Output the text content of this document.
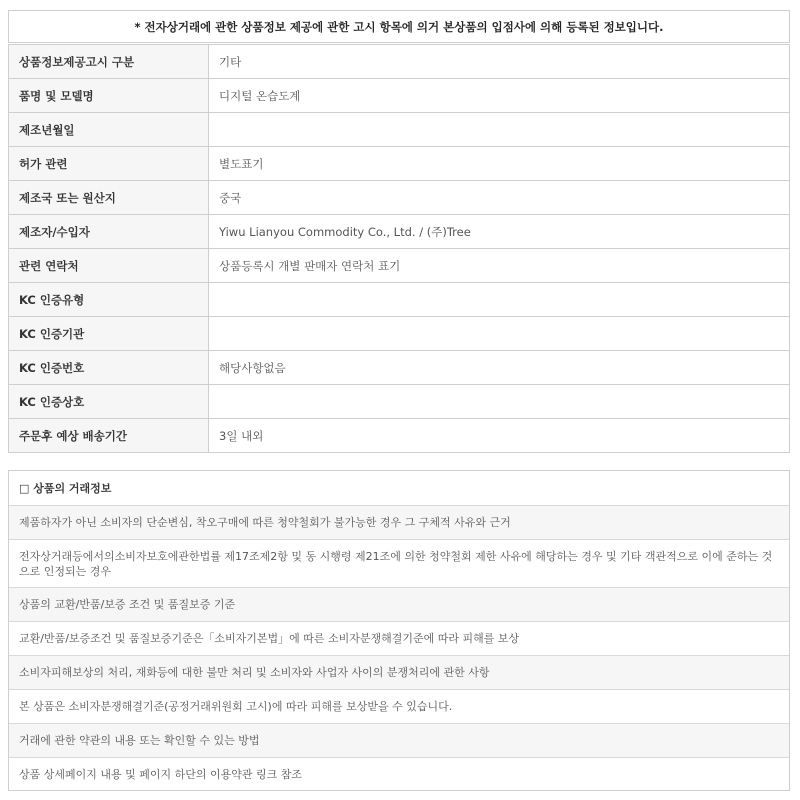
* 전자상거래에 관한 상품정보 제공에 관한 고시 항목에 의거 본상품의 입점사에 의해 등록된 정보입니다.
상품정보제공고시 구분	기타
품명 및 모델명	디지털 온습도계
제조년월일	
허가 관련	별도표기
제조국 또는 원산지	중국
제조자/수입자	Yiwu Lianyou Commodity Co., Ltd. / (주)Tree
관련 연락처	상품등록시 개별 판매자 연락처 표기
KC 인증유형	
KC 인증기관	
KC 인증번호	해당사항없음
KC 인증상호	
주문후 예상 배송기간	3일 내외
□ 상품의 거래정보
제품하자가 아닌 소비자의 단순변심, 착오구매에 따른 청약철회가 불가능한 경우 그 구체적 사유와 근거
전자상거래등에서의소비자보호에관한법률 제17조제2항 및 동 시행령 제21조에 의한 청약철회 제한 사유에 해당하는 경우 및 기타 객관적으로 이에 준하는 것으로 인정되는 경우
상품의 교환/반품/보증 조건 및 품질보증 기준
교환/반품/보증조건 및 품질보증기준은「소비자기본법」에 따른 소비자분쟁해결기준에 따라 피해를 보상
소비자피해보상의 처리, 재화등에 대한 불만 처리 및 소비자와 사업자 사이의 분쟁처리에 관한 사항
본 상품은 소비자분쟁해결기준(공정거래위원회 고시)에 따라 피해를 보상받을 수 있습니다.
거래에 관한 약관의 내용 또는 확인할 수 있는 방법
상품 상세페이지 내용 및 페이지 하단의 이용약관 링크 참조
